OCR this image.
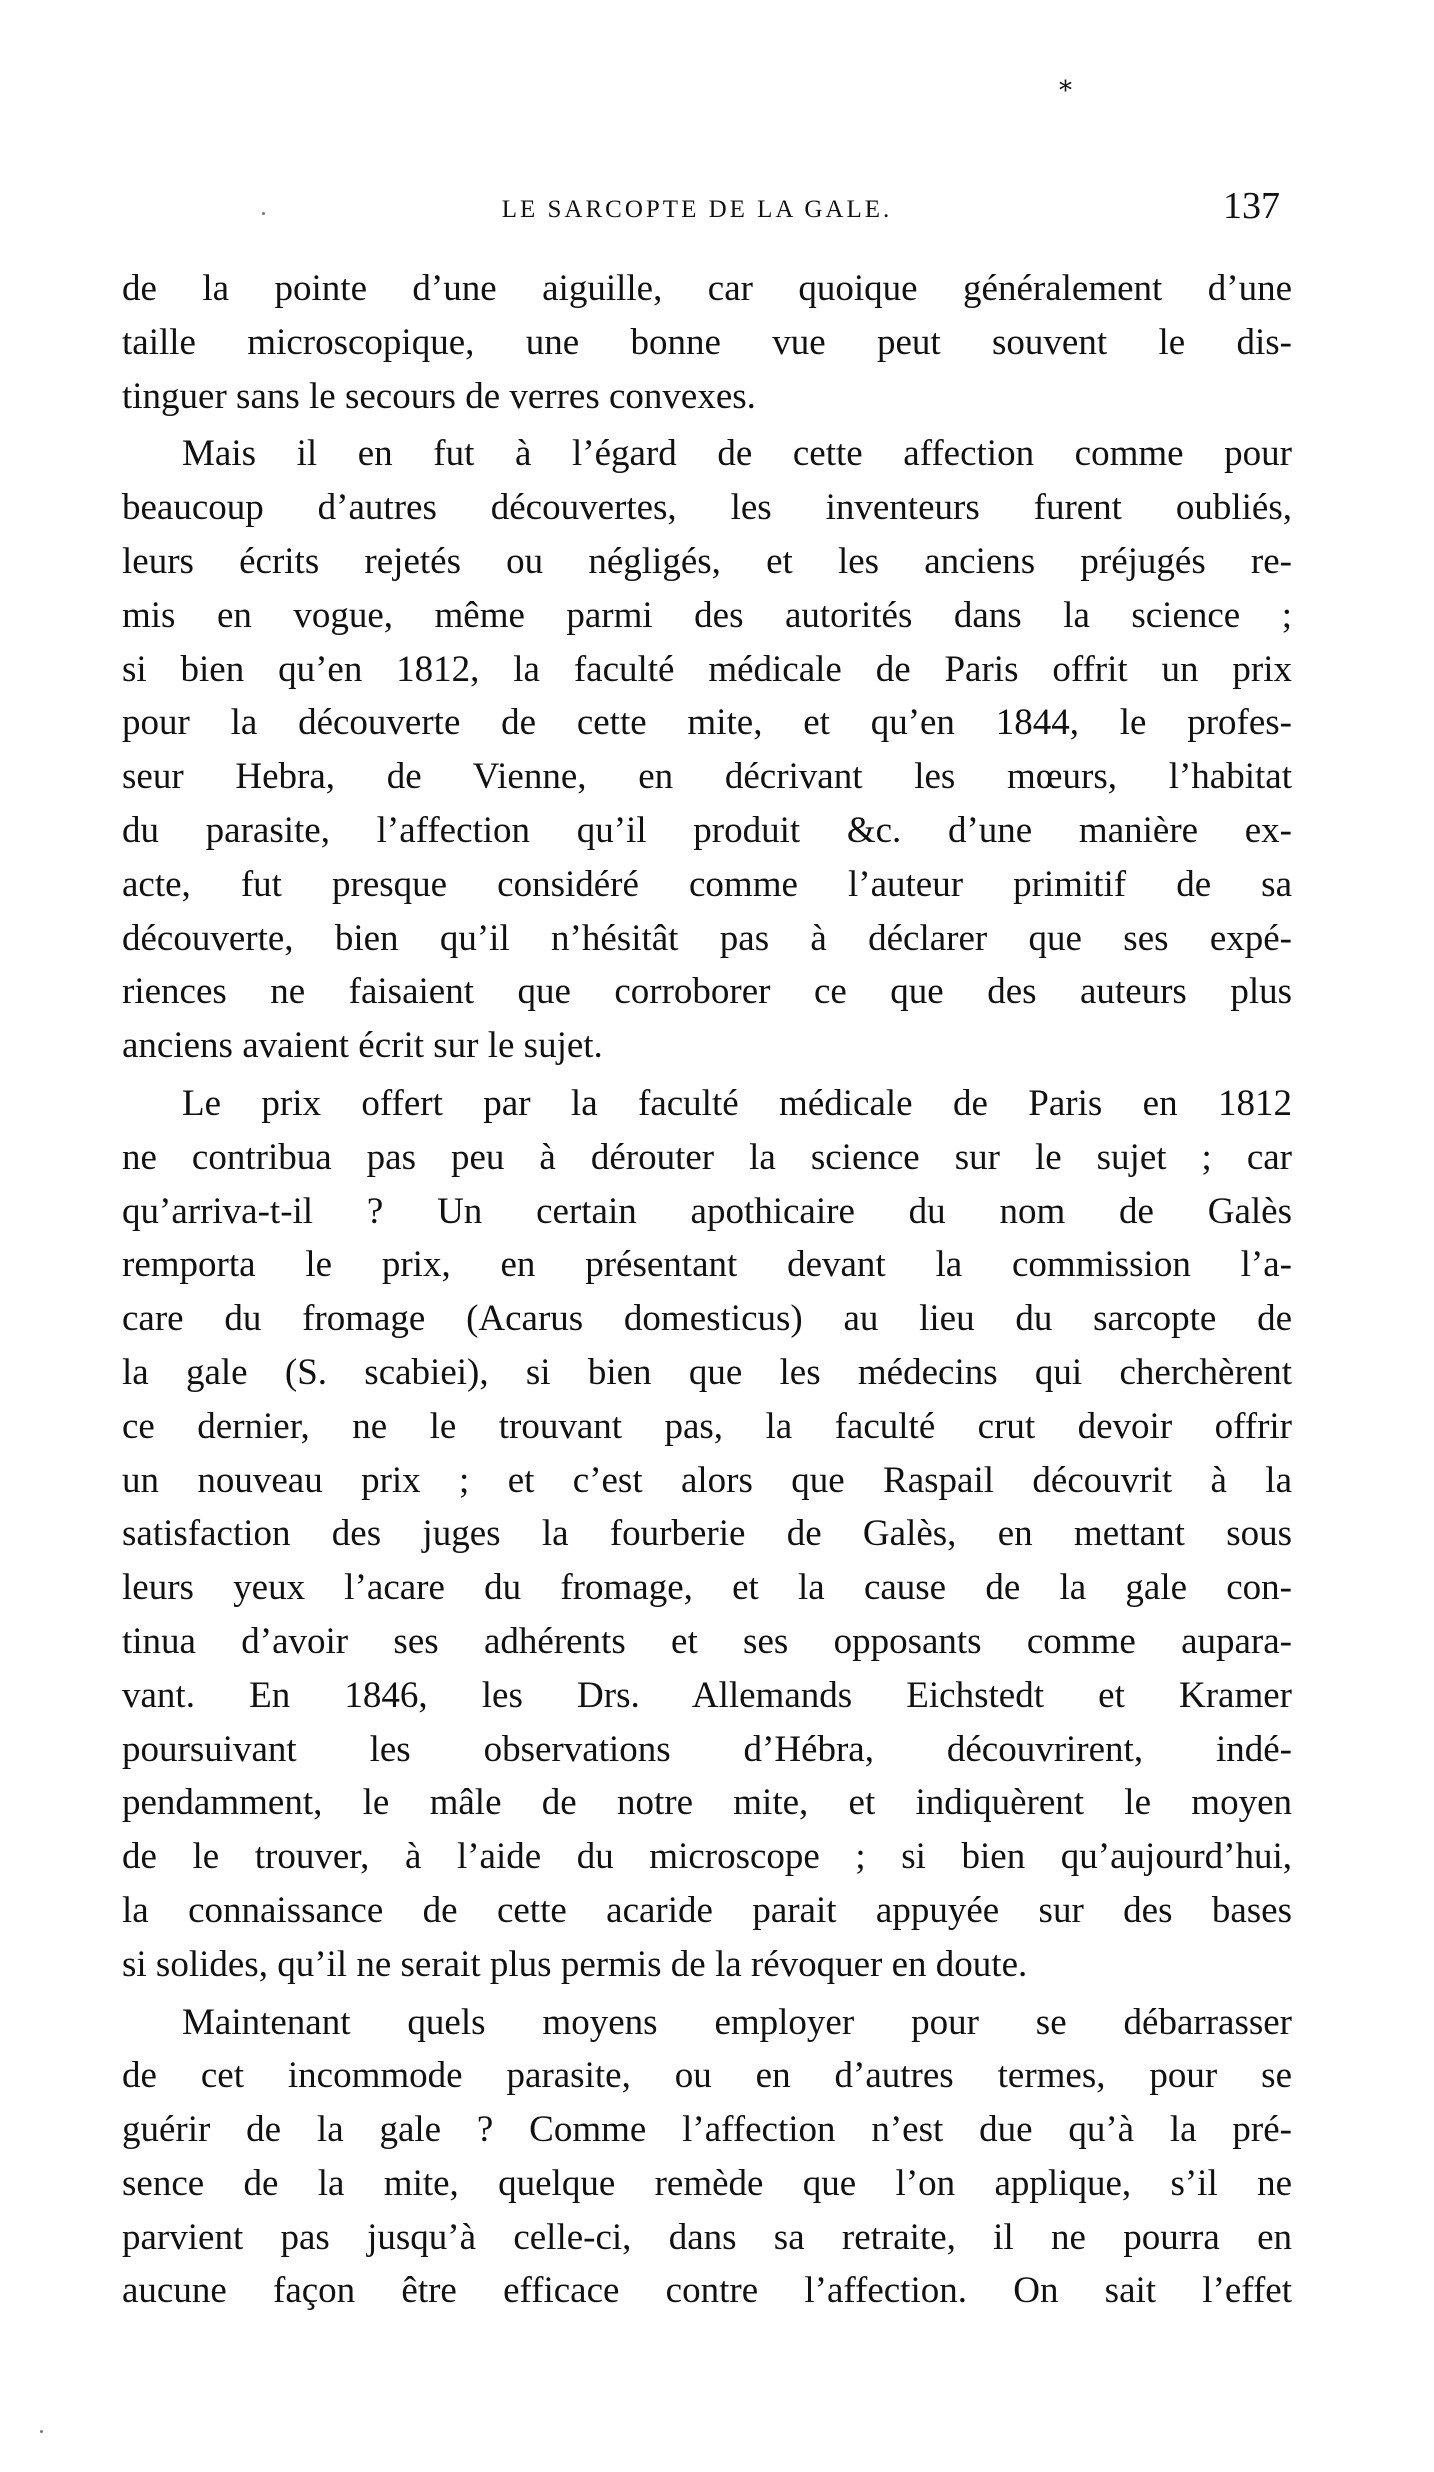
*
LE SARCOPTE DE LA GALE.	137
de la pointe d’une aiguille, car quoique généralement d’une
taille microscopique, une bonne vue peut souvent le dis-
tinguer sans le secours de verres convexes.
Mais il en fut à l’égard de cette affection comme pour
beaucoup d’autres découvertes, les inventeurs furent oubliés,
leurs écrits rejetés ou négligés, et les anciens préjugés re-
mis en vogue, même parmi des autorités dans la science ;
si bien qu’en 1812, la faculté médicale de Paris offrit un prix
pour la découverte de cette mite, et qu’en 1844, le profes-
seur Hebra, de Vienne, en décrivant les mœurs, l’habitat
du parasite, l’affection qu’il produit &c. d’une manière ex-
acte, fut presque considéré comme l’auteur primitif de sa
découverte, bien qu’il n’hésitât pas à déclarer que ses expé-
riences ne faisaient que corroborer ce que des auteurs plus
anciens avaient écrit sur le sujet.
Le prix offert par la faculté médicale de Paris en 1812
ne contribua pas peu à dérouter la science sur le sujet ; car
qu’arriva-t-il ? Un certain apothicaire du nom de Galès
remporta le prix, en présentant devant la commission l’a-
care du fromage (Acarus domesticus) au lieu du sarcopte de
la gale (S. scabiei), si bien que les médecins qui cherchèrent
ce dernier, ne le trouvant pas, la faculté crut devoir offrir
un nouveau prix ; et c’est alors que Raspail découvrit à la
satisfaction des juges la fourberie de Galès, en mettant sous
leurs yeux l’acare du fromage, et la cause de la gale con-
tinua d’avoir ses adhérents et ses opposants comme aupara-
vant. En 1846, les Drs. Allemands Eichstedt et Kramer
poursuivant les observations d’Hébra, découvrirent, indé-
pendamment, le mâle de notre mite, et indiquèrent le moyen
de le trouver, à l’aide du microscope ; si bien qu’aujourd’hui,
la connaissance de cette acaride parait appuyée sur des bases
si solides, qu’il ne serait plus permis de la révoquer en doute.
Maintenant quels moyens employer pour se débarrasser
de cet incommode parasite, ou en d’autres termes, pour se
guérir de la gale ? Comme l’affection n’est due qu’à la pré-
sence de la mite, quelque remède que l’on applique, s’il ne
parvient pas jusqu’à celle-ci, dans sa retraite, il ne pourra en
aucune façon être efficace contre l’affection. On sait l’effet
